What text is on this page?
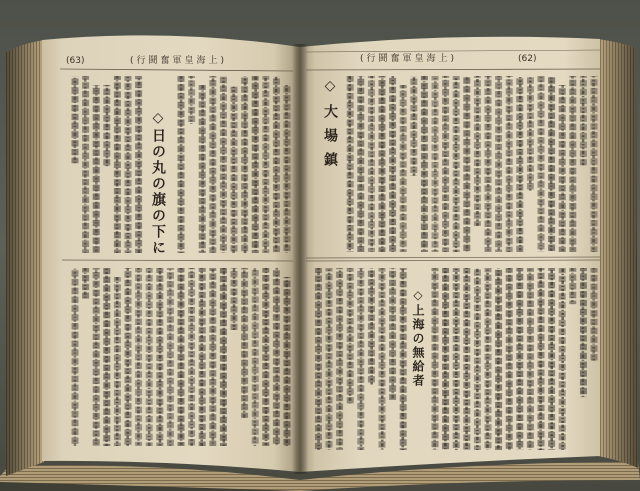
(63)	(行鬪奮軍皇海上)	(行鬪奮軍皇海上)	(62)
◇日の丸の旗の下に	◇大場鎮
◇上海の無給者
